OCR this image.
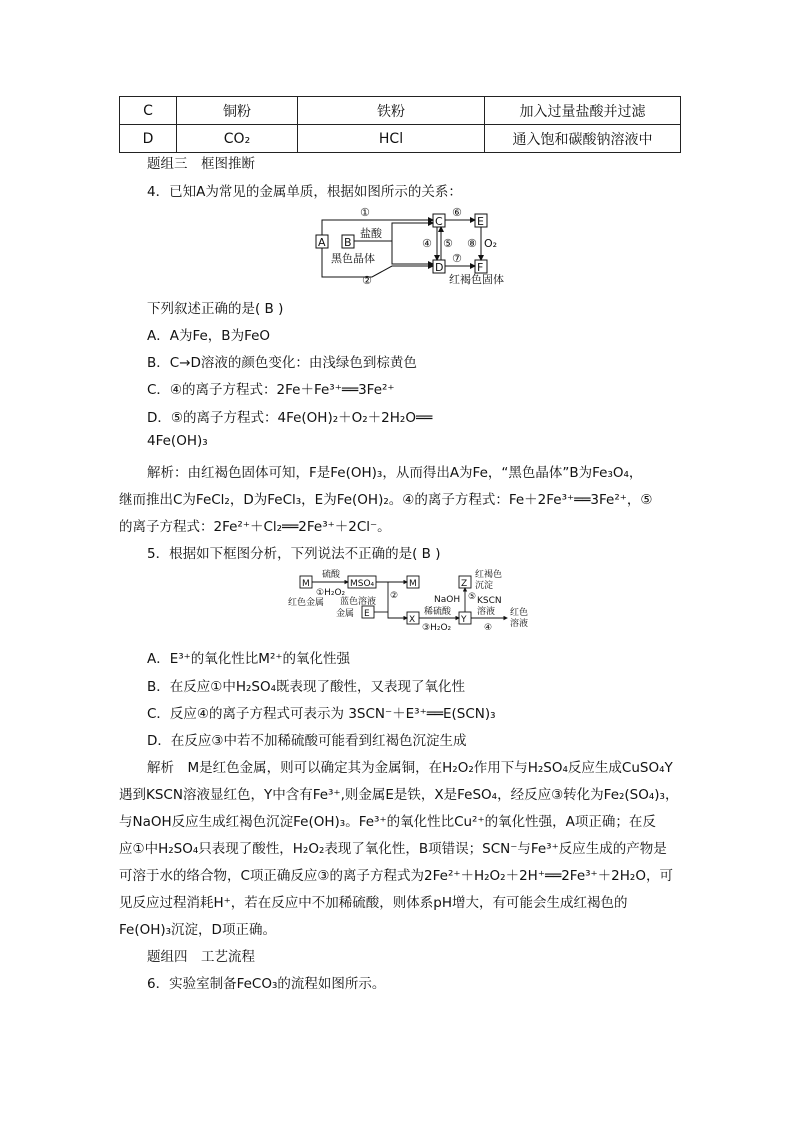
C	铜粉	铁粉	加入过量盐酸并过滤
D	CO₂	HCl	通入饱和碳酸钠溶液中
题组三　框图推断
4．已知A为常见的金属单质，根据如图所示的关系：
A B
C	E
D	F
①
②
盐酸
黑色晶体
④ ⑤
⑥
⑦
⑧ O₂
红褐色固体
下列叙述正确的是( B )
A．A为Fe，B为FeO
B．C→D溶液的颜色变化：由浅绿色到棕黄色
C．④的离子方程式：2Fe＋Fe³⁺══3Fe²⁺
D．⑤的离子方程式：4Fe(OH)₂＋O₂＋2H₂O══
4Fe(OH)₃
解析：由红褐色固体可知，F是Fe(OH)₃，从而得出A为Fe，“黑色晶体”B为Fe₃O₄，
继而推出C为FeCl₂，D为FeCl₃，E为Fe(OH)₂。④的离子方程式：Fe＋2Fe³⁺══3Fe²⁺，⑤
的离子方程式：2Fe²⁺＋Cl₂══2Fe³⁺＋2Cl⁻。
5．根据如下框图分析，下列说法不正确的是( B )
M	MSO₄	M
E
X
Z
Y
硫酸
①H₂O₂
红色金属 蓝色溶液
②
金属
NaOH
红褐色
沉淀
⑤ KSCN
溶液
④
稀硫酸
③H₂O₂
红色
溶液
A．E³⁺的氧化性比M²⁺的氧化性强
B．在反应①中H₂SO₄既表现了酸性，又表现了氧化性
C．反应④的离子方程式可表示为 3SCN⁻＋E³⁺══E(SCN)₃
D．在反应③中若不加稀硫酸可能看到红褐色沉淀生成
解析　M是红色金属，则可以确定其为金属铜，在H₂O₂作用下与H₂SO₄反应生成CuSO₄Y
遇到KSCN溶液显红色，Y中含有Fe³⁺,则金属E是铁，X是FeSO₄，经反应③转化为Fe₂(SO₄)₃，
与NaOH反应生成红褐色沉淀Fe(OH)₃。Fe³⁺的氧化性比Cu²⁺的氧化性强，A项正确；在反
应①中H₂SO₄只表现了酸性，H₂O₂表现了氧化性，B项错误；SCN⁻与Fe³⁺反应生成的产物是
可溶于水的络合物，C项正确反应③的离子方程式为2Fe²⁺＋H₂O₂＋2H⁺══2Fe³⁺＋2H₂O，可
见反应过程消耗H⁺，若在反应中不加稀硫酸，则体系pH增大，有可能会生成红褐色的
Fe(OH)₃沉淀，D项正确。
题组四　工艺流程
6．实验室制备FeCO₃的流程如图所示。
